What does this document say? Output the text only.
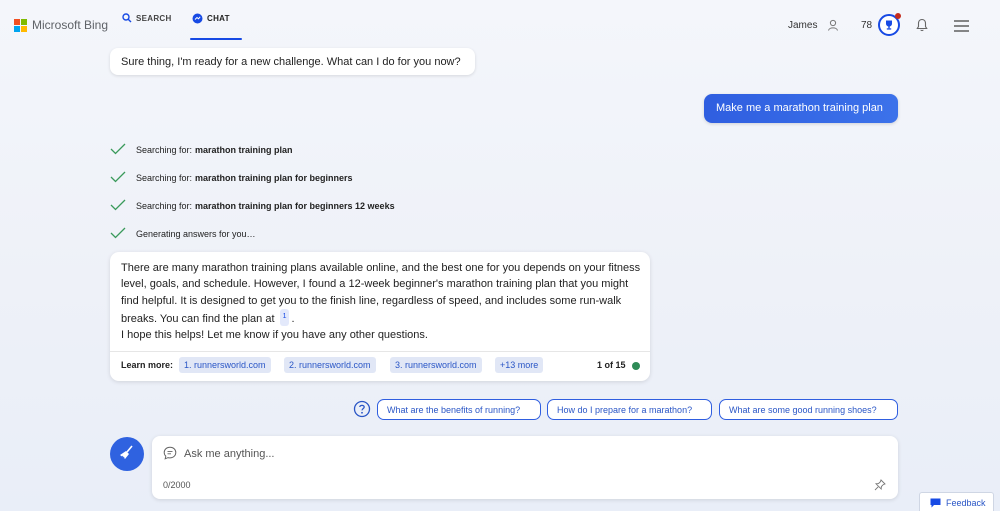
Microsoft Bing	SEARCH	CHAT
James	78
Sure thing, I'm ready for a new challenge. What can I do for you now?
Make me a marathon training plan
Searching for: marathon training plan
Searching for: marathon training plan for beginners
Searching for: marathon training plan for beginners 12 weeks
Generating answers for you…
There are many marathon training plans available online, and the best one for you depends on your fitness level, goals, and schedule. However, I found a 12-week beginner's marathon training plan that you might find helpful. It is designed to get you to the finish line, regardless of speed, and includes some run-walk breaks. You can find the plan at 1 .
I hope this helps! Let me know if you have any other questions.
Learn more:	1. runnersworld.com	2. runnersworld.com	3. runnersworld.com	+13 more	1 of 15
What are the benefits of running?	How do I prepare for a marathon?	What are some good running shoes?
Ask me anything...
0/2000
Feedback
